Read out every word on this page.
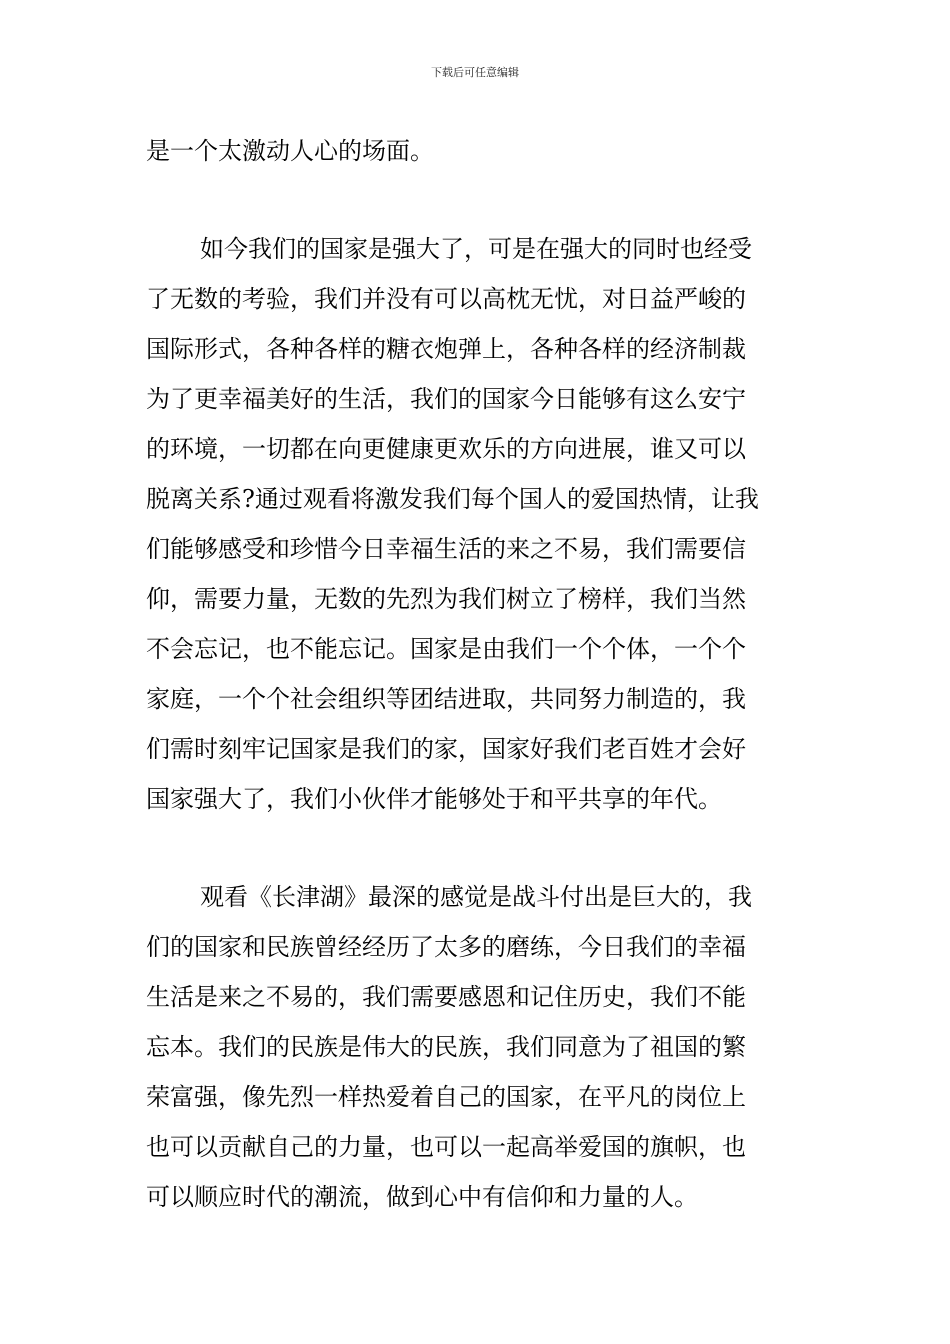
下载后可任意编辑
是一个太激动人心的场面。
如今我们的国家是强大了，可是在强大的同时也经受
了无数的考验，我们并没有可以高枕无忧，对日益严峻的
国际形式，各种各样的糖衣炮弹上，各种各样的经济制裁
为了更幸福美好的生活，我们的国家今日能够有这么安宁
的环境，一切都在向更健康更欢乐的方向进展，谁又可以
脱离关系?通过观看将激发我们每个国人的爱国热情，让我
们能够感受和珍惜今日幸福生活的来之不易，我们需要信
仰，需要力量，无数的先烈为我们树立了榜样，我们当然
不会忘记，也不能忘记。国家是由我们一个个体，一个个
家庭，一个个社会组织等团结进取，共同努力制造的，我
们需时刻牢记国家是我们的家，国家好我们老百姓才会好
国家强大了，我们小伙伴才能够处于和平共享的年代。
观看《长津湖》最深的感觉是战斗付出是巨大的，我
们的国家和民族曾经经历了太多的磨练，今日我们的幸福
生活是来之不易的，我们需要感恩和记住历史，我们不能
忘本。我们的民族是伟大的民族，我们同意为了祖国的繁
荣富强，像先烈一样热爱着自己的国家，在平凡的岗位上
也可以贡献自己的力量，也可以一起高举爱国的旗帜，也
可以顺应时代的潮流，做到心中有信仰和力量的人。
